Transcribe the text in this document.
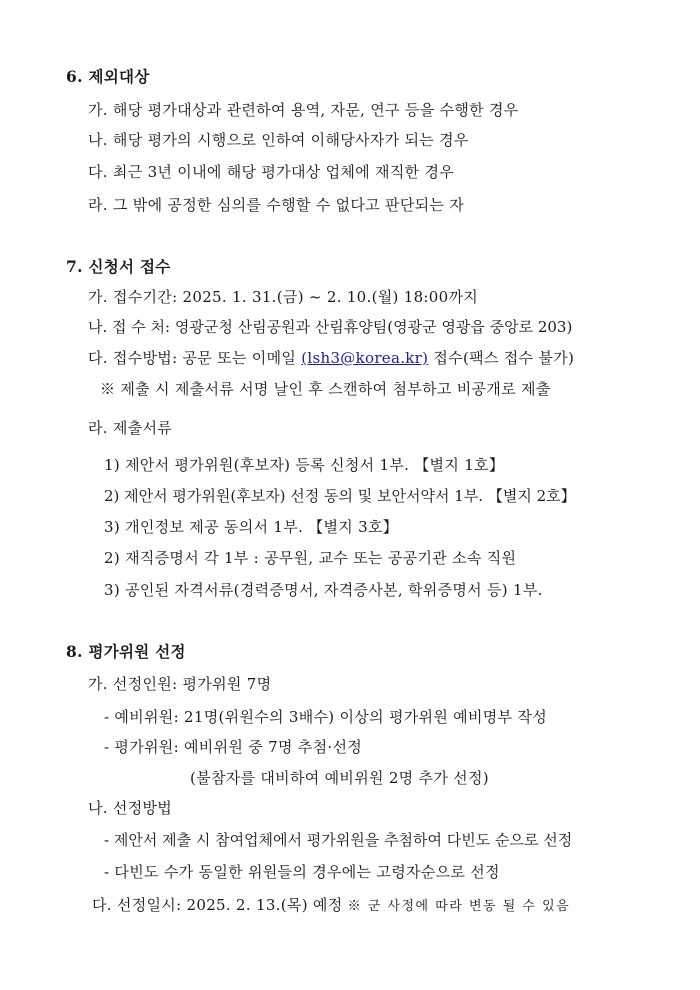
6. 제외대상
가. 해당 평가대상과 관련하여 용역, 자문, 연구 등을 수행한 경우
나. 해당 평가의 시행으로 인하여 이해당사자가 되는 경우
다. 최근 3년 이내에 해당 평가대상 업체에 재직한 경우
라. 그 밖에 공정한 심의를 수행할 수 없다고 판단되는 자
7. 신청서 접수
가. 접수기간: 2025. 1. 31.(금) ~ 2. 10.(월) 18:00까지
나. 접 수 처: 영광군청 산림공원과 산림휴양팀(영광군 영광읍 중앙로 203)
다. 접수방법: 공문 또는 이메일 (lsh3@korea.kr) 접수(팩스 접수 불가)
※ 제출 시 제출서류 서명 날인 후 스캔하여 첨부하고 비공개로 제출
라. 제출서류
1) 제안서 평가위원(후보자) 등록 신청서 1부. 【별지 1호】
2) 제안서 평가위원(후보자) 선정 동의 및 보안서약서 1부. 【별지 2호】
3) 개인정보 제공 동의서 1부. 【별지 3호】
2) 재직증명서 각 1부 : 공무원, 교수 또는 공공기관 소속 직원
3) 공인된 자격서류(경력증명서, 자격증사본, 학위증명서 등) 1부.
8. 평가위원 선정
가. 선정인원: 평가위원 7명
- 예비위원: 21명(위원수의 3배수) 이상의 평가위원 예비명부 작성
- 평가위원: 예비위원 중 7명 추첨·선정
(불참자를 대비하여 예비위원 2명 추가 선정)
나. 선정방법
- 제안서 제출 시 참여업체에서 평가위원을 추첨하여 다빈도 순으로 선정
- 다빈도 수가 동일한 위원들의 경우에는 고령자순으로 선정
다. 선정일시: 2025. 2. 13.(목) 예정 ※ 군 사정에 따라 변동 될 수 있음
